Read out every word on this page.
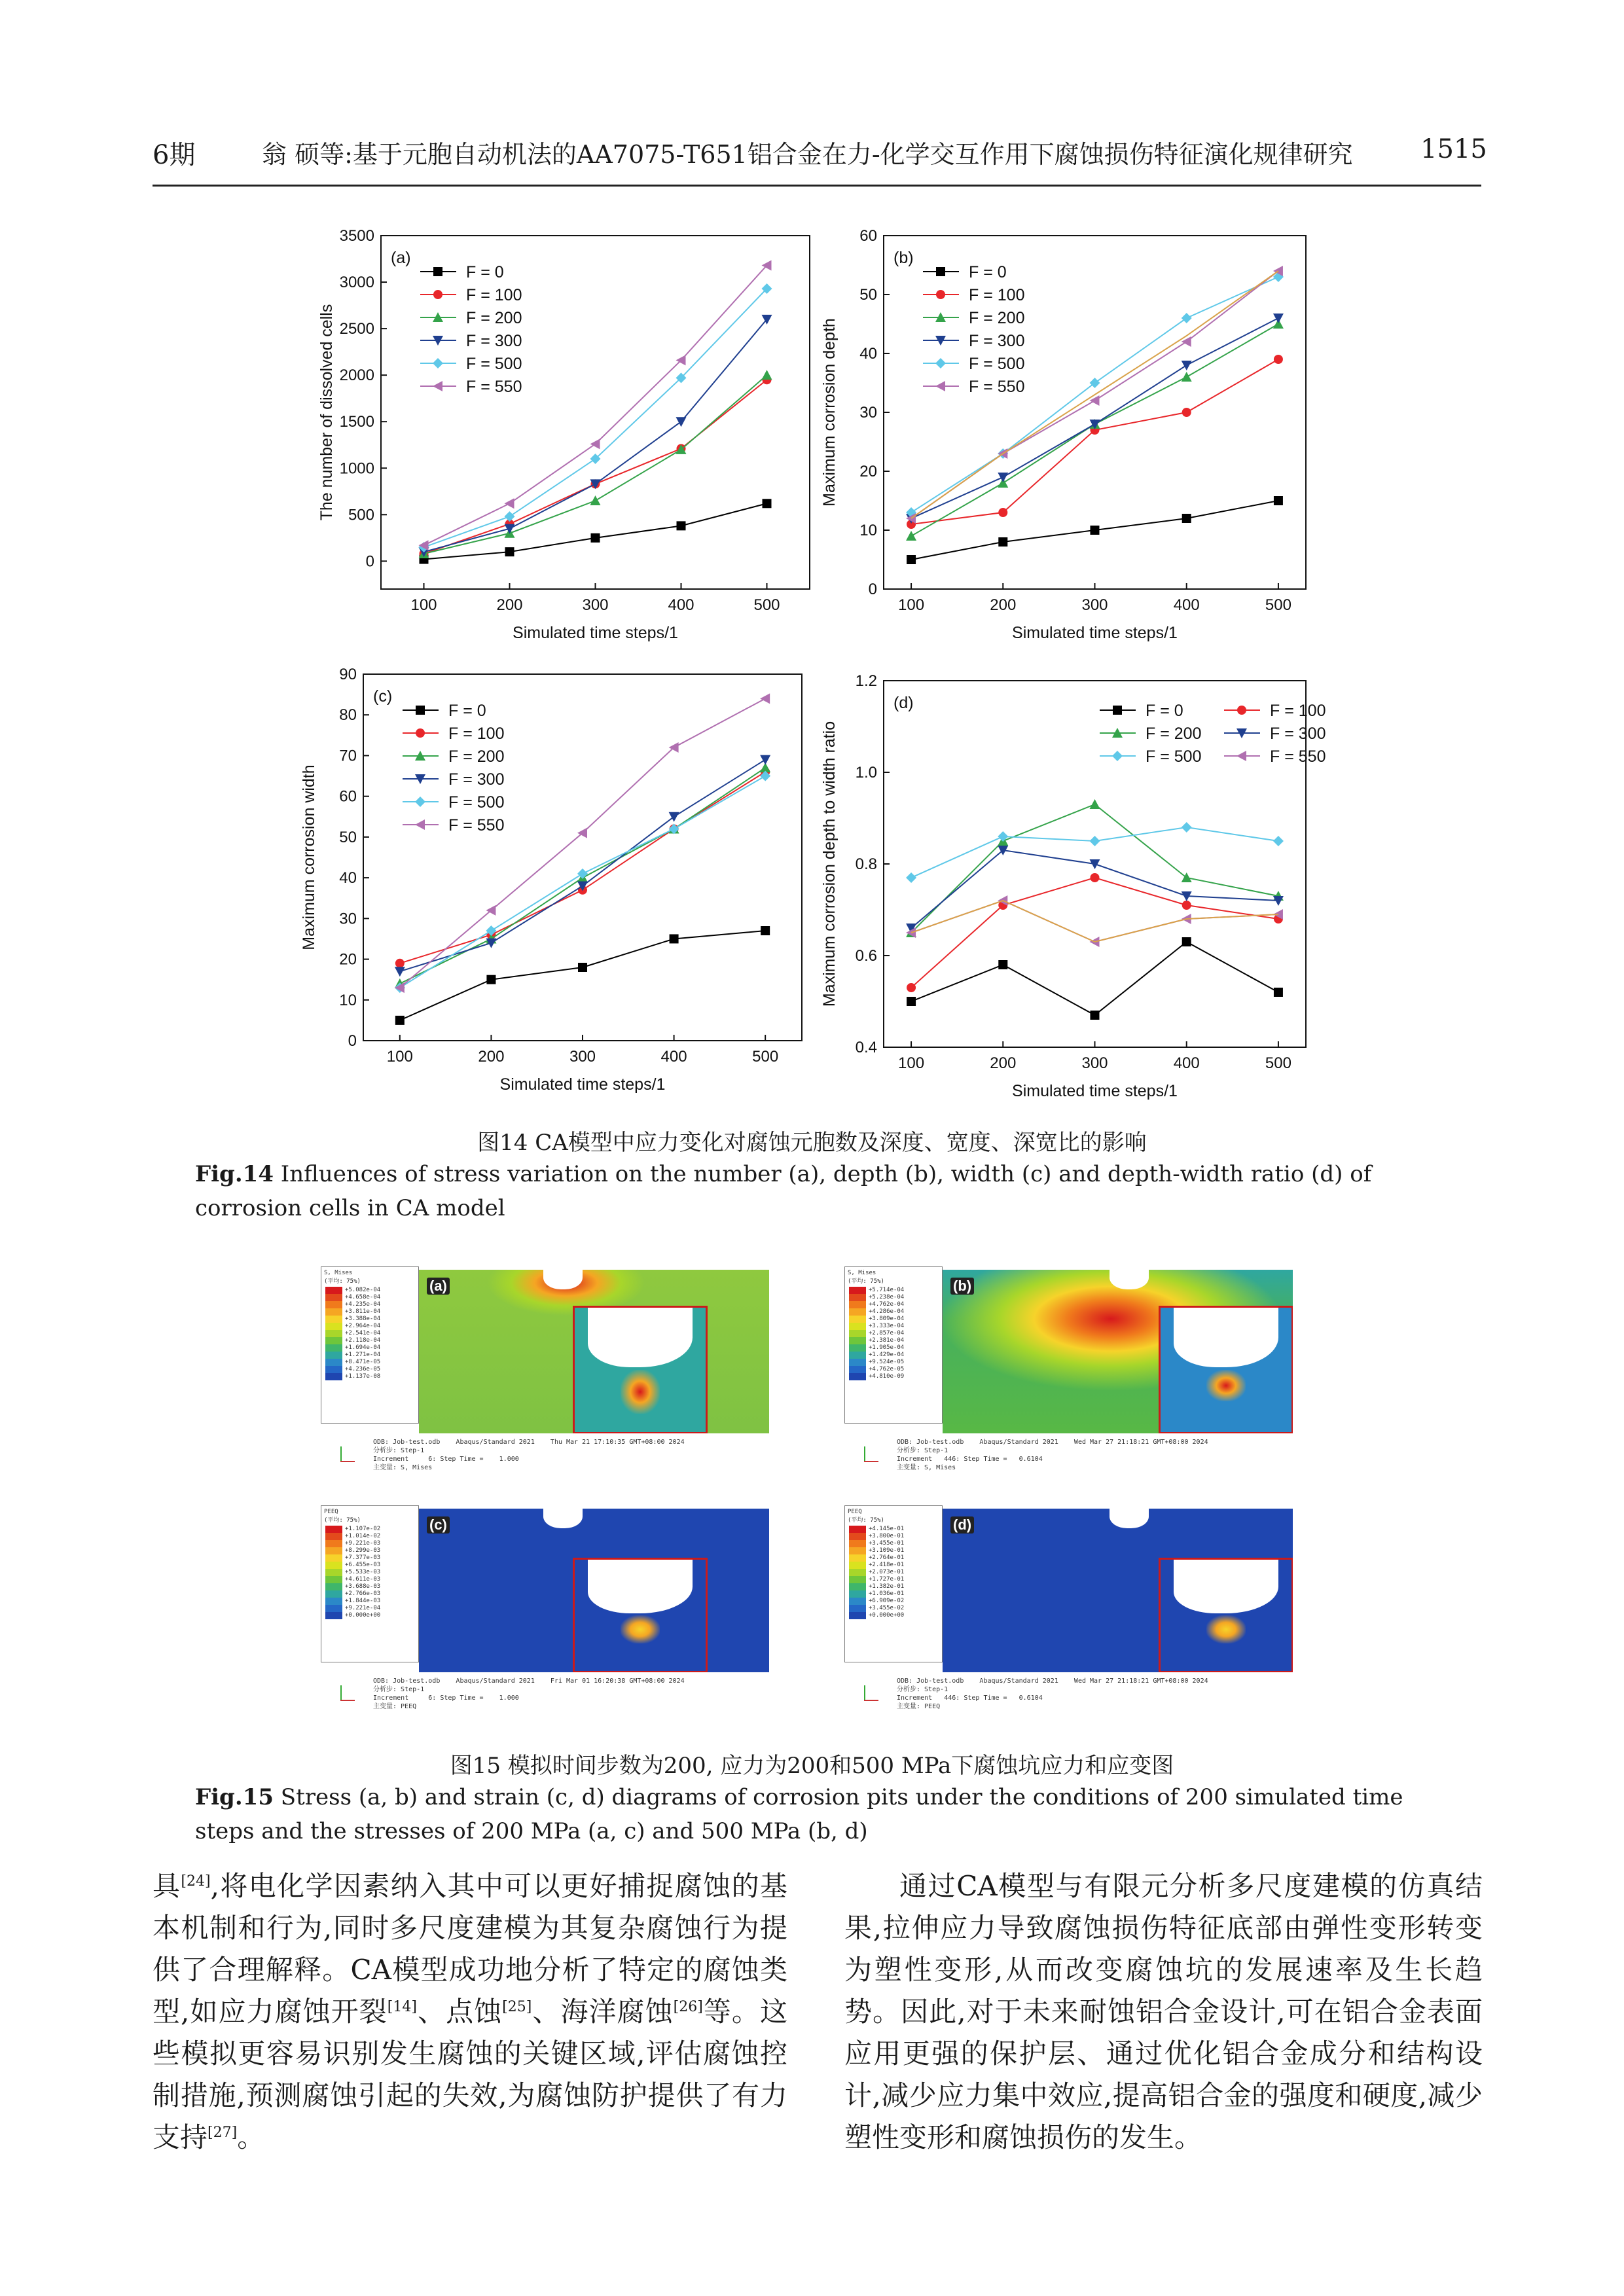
6期	翁 硕等:基于元胞自动机法的AA7075-T651铝合金在力-化学交互作用下腐蚀损伤特征演化规律研究	1515
100	200	300	400	500
0
500
1000
1500
2000
2500
3000
3500
Simulated time steps/1
The number of dissolved cells
(a)
F = 0
F = 100
F = 200
F = 300
F = 500
F = 550
100	200	300	400	500
0
10
20
30
40
50
60
Simulated time steps/1
Maximum corrosion depth
(b)
F = 0
F = 100
F = 200
F = 300
F = 500
F = 550
100	200	300	400	500
0
10
20
30
40
50
60
70
80
90
Simulated time steps/1
Maximum corrosion width
(c)
F = 0
F = 100
F = 200
F = 300
F = 500
F = 550
100	200	300	400	500
0.4
0.6
0.8
1.0
1.2
Simulated time steps/1
Maximum corrosion depth to width ratio
(d)	F = 0	F = 100
F = 200	F = 300
F = 500	F = 550
图14 CA模型中应力变化对腐蚀元胞数及深度、宽度、深宽比的影响
Fig.14 Influences of stress variation on the number (a), depth (b), width (c) and depth-width ratio (d) of corrosion cells in CA model
S, Mises
(平均: 75%)
+5.082e-04
+4.658e-04
+4.235e-04
+3.811e-04
+3.388e-04
+2.964e-04
+2.541e-04
+2.118e-04
+1.694e-04
+1.271e-04
+8.471e-05
+4.236e-05
+1.137e-08
(a)
ODB: Job-test.odb    Abaqus/Standard 2021    Thu Mar 21 17:10:35 GMT+08:00 2024
分析步: Step-1
Increment     6: Step Time =    1.000
主变量: S, Mises
S, Mises
(平均: 75%)
+5.714e-04
+5.238e-04
+4.762e-04
+4.286e-04
+3.809e-04
+3.333e-04
+2.857e-04
+2.381e-04
+1.905e-04
+1.429e-04
+9.524e-05
+4.762e-05
+4.810e-09
(b)
ODB: Job-test.odb    Abaqus/Standard 2021    Wed Mar 27 21:18:21 GMT+08:00 2024
分析步: Step-1
Increment   446: Step Time =   0.6104
主变量: S, Mises
PEEQ
(平均: 75%)
+1.107e-02
+1.014e-02
+9.221e-03
+8.299e-03
+7.377e-03
+6.455e-03
+5.533e-03
+4.611e-03
+3.688e-03
+2.766e-03
+1.844e-03
+9.221e-04
+0.000e+00
(c)
ODB: Job-test.odb    Abaqus/Standard 2021    Fri Mar 01 16:20:38 GMT+08:00 2024
分析步: Step-1
Increment     6: Step Time =    1.000
主变量: PEEQ
PEEQ
(平均: 75%)
+4.145e-01
+3.800e-01
+3.455e-01
+3.109e-01
+2.764e-01
+2.418e-01
+2.073e-01
+1.727e-01
+1.382e-01
+1.036e-01
+6.909e-02
+3.455e-02
+0.000e+00
(d)
ODB: Job-test.odb    Abaqus/Standard 2021    Wed Mar 27 21:18:21 GMT+08:00 2024
分析步: Step-1
Increment   446: Step Time =   0.6104
主变量: PEEQ
图15 模拟时间步数为200, 应力为200和500 MPa下腐蚀坑应力和应变图
Fig.15 Stress (a, b) and strain (c, d) diagrams of corrosion pits under the conditions of 200 simulated time steps and the stresses of 200 MPa (a, c) and 500 MPa (b, d)
具[24],将电化学因素纳入其中可以更好捕捉腐蚀的基本机制和行为,同时多尺度建模为其复杂腐蚀行为提供了合理解释。CA模型成功地分析了特定的腐蚀类型,如应力腐蚀开裂[14]、点蚀[25]、海洋腐蚀[26]等。这些模拟更容易识别发生腐蚀的关键区域,评估腐蚀控制措施,预测腐蚀引起的失效,为腐蚀防护提供了有力支持[27]。
通过CA模型与有限元分析多尺度建模的仿真结果,拉伸应力导致腐蚀损伤特征底部由弹性变形转变为塑性变形,从而改变腐蚀坑的发展速率及生长趋势。因此,对于未来耐蚀铝合金设计,可在铝合金表面应用更强的保护层、通过优化铝合金成分和结构设计,减少应力集中效应,提高铝合金的强度和硬度,减少塑性变形和腐蚀损伤的发生。
